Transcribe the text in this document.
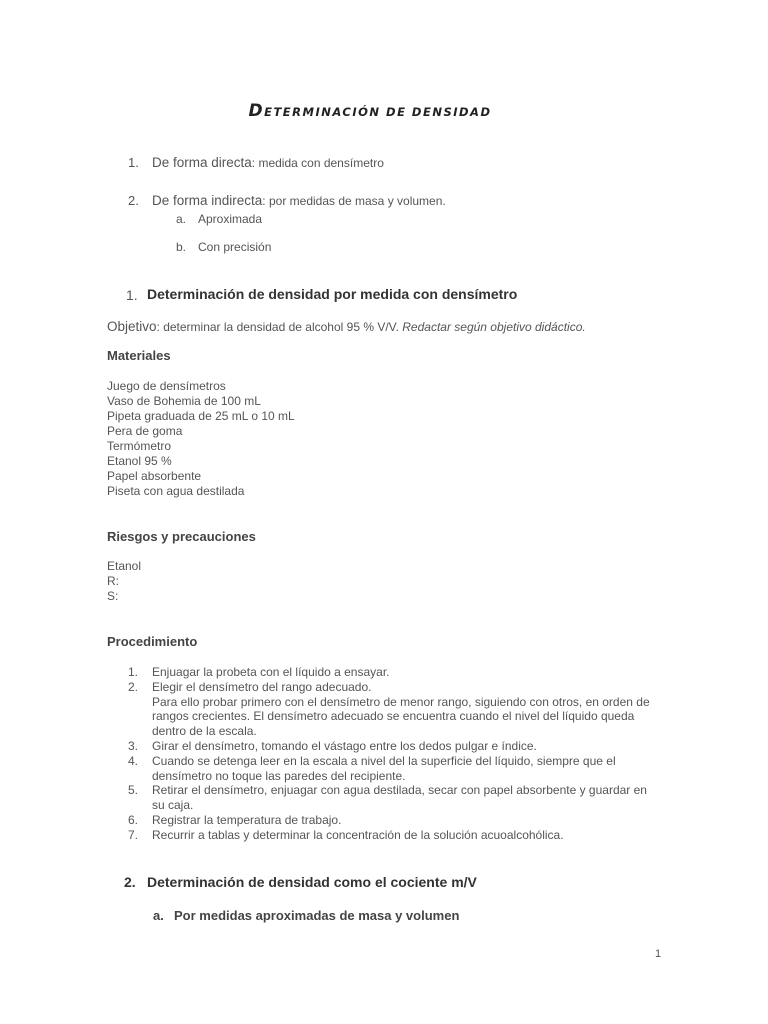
DETERMINACIÓN DE DENSIDAD
1. De forma directa: medida con densímetro
2. De forma indirecta: por medidas de masa y volumen.
a. Aproximada
b. Con precisión
1. Determinación de densidad por medida con densímetro
Objetivo: determinar la densidad de alcohol 95 % V/V. Redactar según objetivo didáctico.
Materiales
Juego de densímetros
Vaso de Bohemia de 100 mL
Pipeta graduada de 25 mL o 10 mL
Pera de goma
Termómetro
Etanol 95 %
Papel absorbente
Piseta con agua destilada
Riesgos y precauciones
Etanol
R:
S:
Procedimiento
1. Enjuagar la probeta con el líquido a ensayar.
2. Elegir el densímetro del rango adecuado.
Para ello probar primero con el densímetro de menor rango, siguiendo con otros, en orden de rangos crecientes. El densímetro adecuado se encuentra cuando el nivel del líquido queda dentro de la escala.
3. Girar el densímetro, tomando el vástago entre los dedos pulgar e índice.
4. Cuando se detenga leer en la escala a nivel del la superficie del líquido, siempre que el densímetro no toque las paredes del recipiente.
5. Retirar el densímetro, enjuagar con agua destilada, secar con papel absorbente y guardar en su caja.
6. Registrar la temperatura de trabajo.
7. Recurrir a tablas y determinar la concentración de la solución acuoalcohólica.
2. Determinación de densidad como el cociente m/V
a. Por medidas aproximadas de masa y volumen
1
